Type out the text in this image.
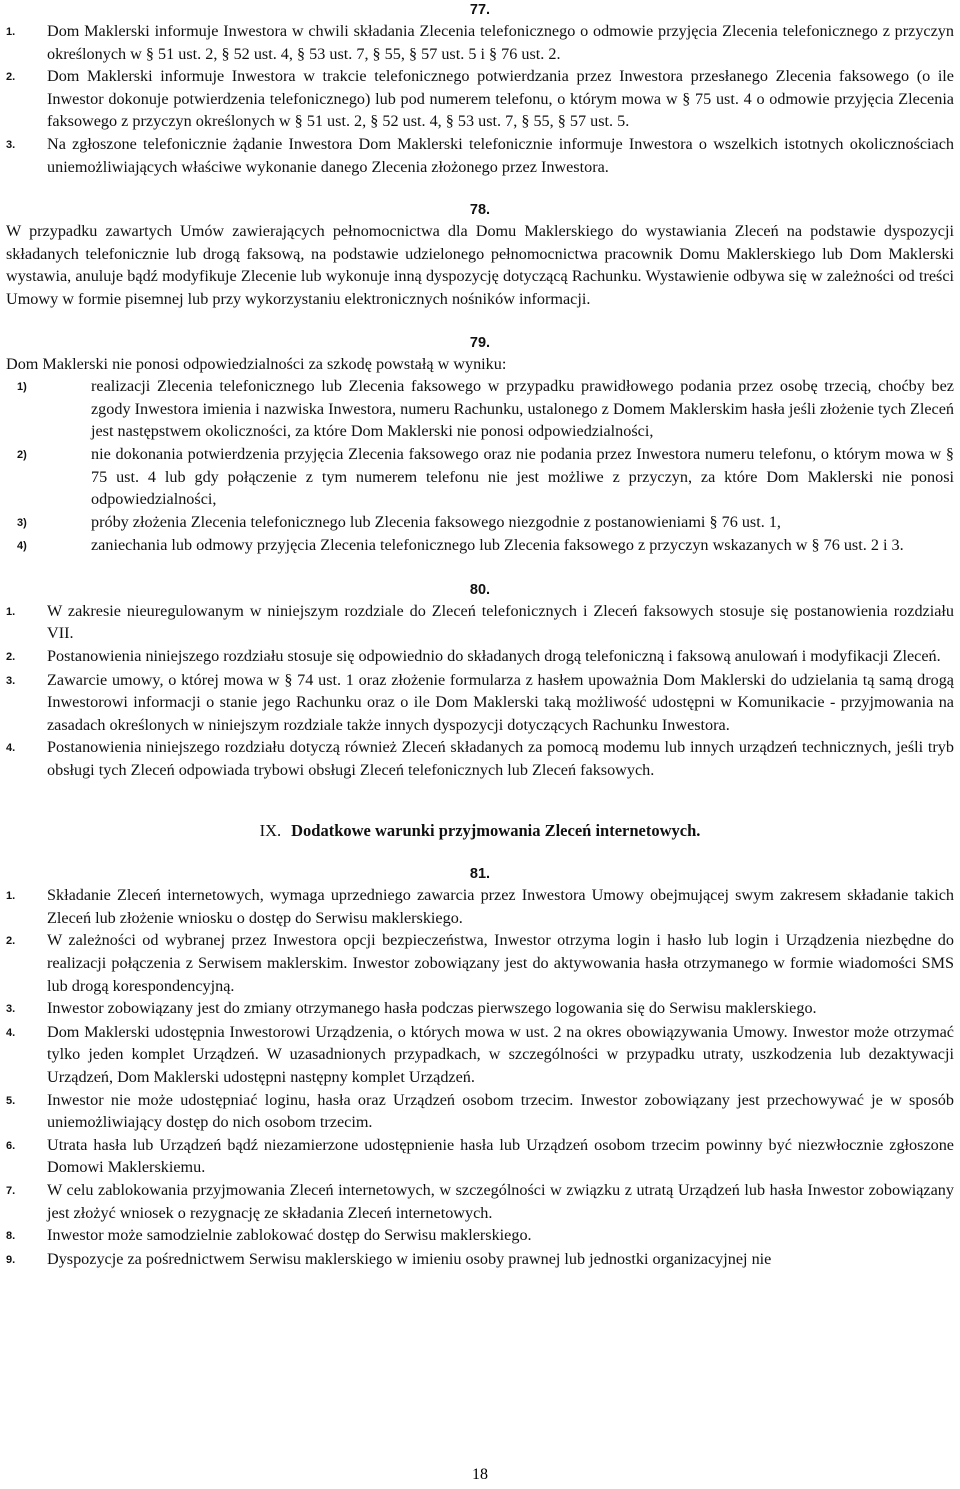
77.
1.	Dom Maklerski informuje Inwestora w chwili składania Zlecenia telefonicznego o odmowie przyjęcia Zlecenia telefonicznego z przyczyn określonych w § 51 ust. 2, § 52 ust. 4, § 53 ust. 7, § 55, § 57 ust. 5 i § 76 ust. 2.
2.	Dom Maklerski informuje Inwestora w trakcie telefonicznego potwierdzania przez Inwestora przesłanego Zlecenia faksowego (o ile Inwestor dokonuje potwierdzenia telefonicznego) lub pod numerem telefonu, o którym mowa w § 75 ust. 4 o odmowie przyjęcia Zlecenia faksowego z przyczyn określonych w § 51 ust. 2, § 52 ust. 4, § 53 ust. 7, § 55, § 57 ust. 5.
3.	Na zgłoszone telefonicznie żądanie Inwestora Dom Maklerski telefonicznie informuje Inwestora o wszelkich istotnych okolicznościach uniemożliwiających właściwe wykonanie danego Zlecenia złożonego przez Inwestora.
78.
W przypadku zawartych Umów zawierających pełnomocnictwa dla Domu Maklerskiego do wystawiania Zleceń na podstawie dyspozycji składanych telefonicznie lub drogą faksową, na podstawie udzielonego pełnomocnictwa pracownik Domu Maklerskiego lub Dom Maklerski wystawia, anuluje bądź modyfikuje Zlecenie lub wykonuje inną dyspozycję dotyczącą Rachunku. Wystawienie odbywa się w zależności od treści Umowy w formie pisemnej lub przy wykorzystaniu elektronicznych nośników informacji.
79.
Dom Maklerski nie ponosi odpowiedzialności za szkodę powstałą w wyniku:
1)	realizacji Zlecenia telefonicznego lub Zlecenia faksowego w przypadku prawidłowego podania przez osobę trzecią, choćby bez zgody Inwestora imienia i nazwiska Inwestora, numeru Rachunku, ustalonego z Domem Maklerskim hasła jeśli złożenie tych Zleceń jest następstwem okoliczności, za które Dom Maklerski nie ponosi odpowiedzialności,
2)	nie dokonania potwierdzenia przyjęcia Zlecenia faksowego oraz nie podania przez Inwestora numeru telefonu, o którym mowa w § 75 ust. 4 lub gdy połączenie z tym numerem telefonu nie jest możliwe z przyczyn, za które Dom Maklerski nie ponosi odpowiedzialności,
3)	próby złożenia Zlecenia telefonicznego lub Zlecenia faksowego niezgodnie z postanowieniami § 76 ust. 1,
4)	zaniechania lub odmowy przyjęcia Zlecenia telefonicznego lub Zlecenia faksowego z przyczyn wskazanych w § 76 ust. 2 i 3.
80.
1.	W zakresie nieuregulowanym w niniejszym rozdziale do Zleceń telefonicznych i Zleceń faksowych stosuje się postanowienia rozdziału VII.
2.	Postanowienia niniejszego rozdziału stosuje się odpowiednio do składanych drogą telefoniczną i faksową anulowań i modyfikacji Zleceń.
3.	Zawarcie umowy, o której mowa w § 74 ust. 1 oraz złożenie formularza z hasłem upoważnia Dom Maklerski do udzielania tą samą drogą Inwestorowi informacji o stanie jego Rachunku oraz o ile Dom Maklerski taką możliwość udostępni w Komunikacie - przyjmowania na zasadach określonych w niniejszym rozdziale także innych dyspozycji dotyczących Rachunku Inwestora.
4.	Postanowienia niniejszego rozdziału dotyczą również Zleceń składanych za pomocą modemu lub innych urządzeń technicznych, jeśli tryb obsługi tych Zleceń odpowiada trybowi obsługi Zleceń telefonicznych lub Zleceń faksowych.
IX. Dodatkowe warunki przyjmowania Zleceń internetowych.
81.
1.	Składanie Zleceń internetowych, wymaga uprzedniego zawarcia przez Inwestora Umowy obejmującej swym zakresem składanie takich Zleceń lub złożenie wniosku o dostęp do Serwisu maklerskiego.
2.	W zależności od wybranej przez Inwestora opcji bezpieczeństwa, Inwestor otrzyma login i hasło lub login i Urządzenia niezbędne do realizacji połączenia z Serwisem maklerskim. Inwestor zobowiązany jest do aktywowania hasła otrzymanego w formie wiadomości SMS lub drogą korespondencyjną.
3.	Inwestor zobowiązany jest do zmiany otrzymanego hasła podczas pierwszego logowania się do Serwisu maklerskiego.
4.	Dom Maklerski udostępnia Inwestorowi Urządzenia, o których mowa w ust. 2 na okres obowiązywania Umowy. Inwestor może otrzymać tylko jeden komplet Urządzeń. W uzasadnionych przypadkach, w szczególności w przypadku utraty, uszkodzenia lub dezaktywacji Urządzeń, Dom Maklerski udostępni następny komplet Urządzeń.
5.	Inwestor nie może udostępniać loginu, hasła oraz Urządzeń osobom trzecim. Inwestor zobowiązany jest przechowywać je w sposób uniemożliwiający dostęp do nich osobom trzecim.
6.	Utrata hasła lub Urządzeń bądź niezamierzone udostępnienie hasła lub Urządzeń osobom trzecim powinny być niezwłocznie zgłoszone Domowi Maklerskiemu.
7.	W celu zablokowania przyjmowania Zleceń internetowych, w szczególności w związku z utratą Urządzeń lub hasła Inwestor zobowiązany jest złożyć wniosek o rezygnację ze składania Zleceń internetowych.
8.	Inwestor może samodzielnie zablokować dostęp do Serwisu maklerskiego.
9.	Dyspozycje za pośrednictwem Serwisu maklerskiego w imieniu osoby prawnej lub jednostki organizacyjnej nie
18
